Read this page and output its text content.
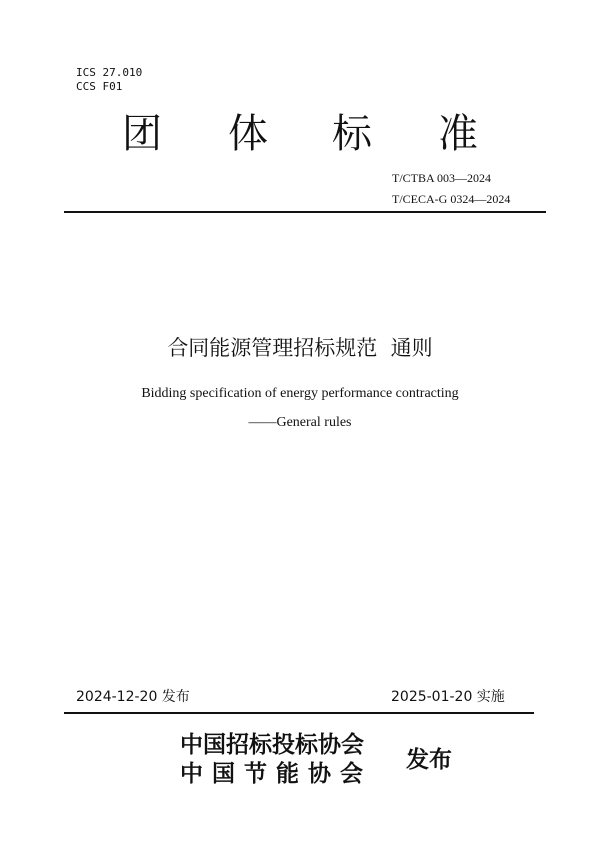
ICS 27.010
CCS F01
团 体 标 准
T/CTBA 003—2024
T/CECA-G 0324—2024
合同能源管理招标规范  通则
Bidding specification of energy performance contracting
——General rules
2024-12-20 发布	2025-01-20 实施
中国招标投标协会
中国节能协会
发布
